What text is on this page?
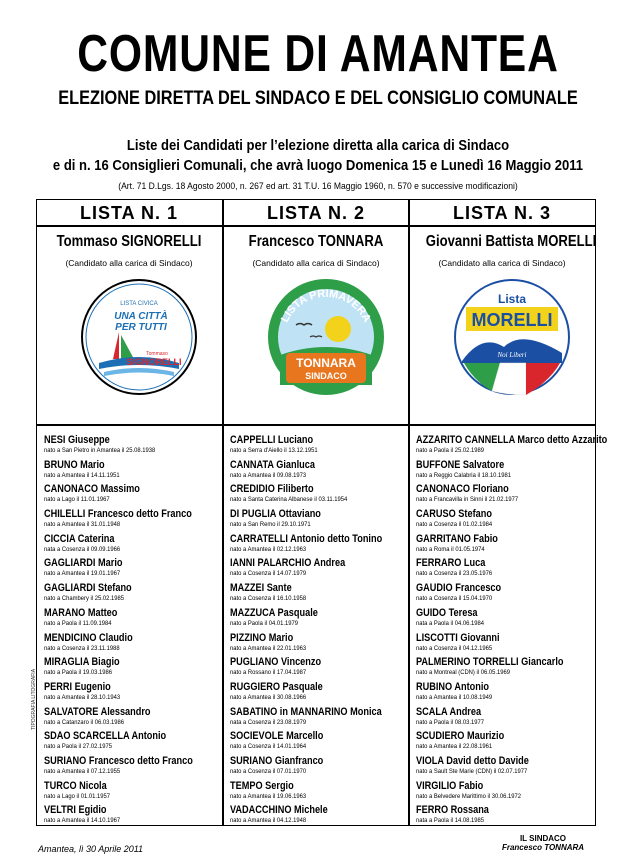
COMUNE DI AMANTEA
ELEZIONE DIRETTA DEL SINDACO E DEL CONSIGLIO COMUNALE
Liste dei Candidati per l’elezione diretta alla carica di Sindaco
e di n. 16 Consiglieri Comunali, che avrà luogo Domenica 15 e Lunedì 16 Maggio 2011
(Art. 71 D.Lgs. 18 Agosto 2000, n. 267 ed art. 31 T.U. 16 Maggio 1960, n. 570 e successive modificazioni)
LISTA N. 1
Tommaso SIGNORELLI
(Candidato alla carica di Sindaco)
LISTA CIVICA
UNA CITTÀ
PER TUTTI
Tommaso
SIGNORELLI
LISTA N. 2
Francesco TONNARA
(Candidato alla carica di Sindaco)
LISTA PRIMAVERA
TONNARA
SINDACO
LISTA N. 3
Giovanni Battista MORELLI
(Candidato alla carica di Sindaco)
Lista
MORELLI
Noi Liberi
NESI Giuseppe
nato a San Pietro in Amantea il 25.08.1938
BRUNO Mario
nato a Amantea il 14.11.1951
CANONACO Massimo
nato a Lago il 11.01.1967
CHILELLI Francesco detto Franco
nato a Amantea il 31.01.1948
CICCIA Caterina
nata a Cosenza il 09.09.1966
GAGLIARDI Mario
nato a Amantea il 19.01.1967
GAGLIARDI Stefano
nato a Chambery il 25.02.1985
MARANO Matteo
nato a Paola il 11.09.1984
MENDICINO Claudio
nato a Cosenza il 23.11.1988
MIRAGLIA Biagio
nato a Paola il 19.03.1986
PERRI Eugenio
nato a Amantea il 28.10.1943
SALVATORE Alessandro
nato a Catanzaro il 06.03.1986
SDAO SCARCELLA Antonio
nato a Paola il 27.02.1975
SURIANO Francesco detto Franco
nato a Amantea il 07.12.1955
TURCO Nicola
nato a Lago il 01.01.1957
VELTRI Egidio
nato a Amantea il 14.10.1967
CAPPELLI Luciano
nato a Serra d'Aiello il 13.12.1951
CANNATA Gianluca
nato a Amantea il 09.08.1973
CREDIDIO Filiberto
nato a Santa Caterina Albanese il 03.11.1954
DI PUGLIA Ottaviano
nato a San Remo il 29.10.1971
CARRATELLI Antonio detto Tonino
nato a Amantea il 02.12.1963
IANNI PALARCHIO Andrea
nato a Cosenza il 14.07.1979
MAZZEI Sante
nato a Cosenza il 16.10.1958
MAZZUCA Pasquale
nato a Paola il 04.01.1979
PIZZINO Mario
nato a Amantea il 22.01.1963
PUGLIANO Vincenzo
nato a Rossano il 17.04.1987
RUGGIERO Pasquale
nato a Amantea il 30.08.1966
SABATINO in MANNARINO Monica
nata a Cosenza il 23.08.1979
SOCIEVOLE Marcello
nato a Cosenza il 14.01.1964
SURIANO Gianfranco
nato a Cosenza il 07.01.1970
TEMPO Sergio
nato a Amantea il 19.06.1963
VADACCHINO Michele
nato a Amantea il 04.12.1948
AZZARITO CANNELLA Marco detto Azzarito
nato a Paola il 25.02.1989
BUFFONE Salvatore
nato a Reggio Calabria il 18.10.1981
CANONACO Floriano
nato a Francavilla in Sinni il 21.02.1977
CARUSO Stefano
nato a Cosenza il 01.02.1984
GARRITANO Fabio
nato a Roma il 01.05.1974
FERRARO Luca
nato a Cosenza il 23.05.1976
GAUDIO Francesco
nato a Cosenza il 15.04.1970
GUIDO Teresa
nata a Paola il 04.06.1984
LISCOTTI Giovanni
nato a Cosenza il 04.12.1965
PALMERINO TORRELLI Giancarlo
nato a Montreal (CDN) il 06.05.1969
RUBINO Antonio
nato a Amantea il 10.08.1949
SCALA Andrea
nato a Paola il 08.03.1977
SCUDIERO Maurizio
nato a Amantea il 22.08.1961
VIOLA David detto Davide
nato a Sault Ste Marie (CDN) il 02.07.1977
VIRGILIO Fabio
nato a Belvedere Marittimo il 30.06.1972
FERRO Rossana
nata a Paola il 14.08.1985
Amantea, lì 30 Aprile 2011
IL SINDACO
Francesco TONNARA
TIPOGRAFIA LITOGRAFIA
